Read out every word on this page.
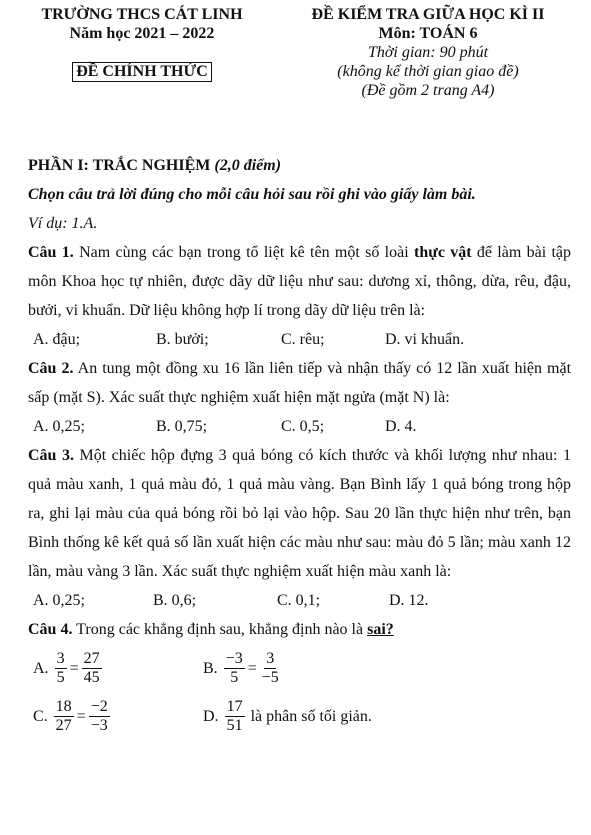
TRƯỜNG THCS CÁT LINH
Năm học 2021 – 2022
ĐỀ CHÍNH THỨC
ĐỀ KIỂM TRA GIỮA HỌC KÌ II
Môn: TOÁN 6
Thời gian: 90 phút
(không kể thời gian giao đề)
(Đề gồm 2 trang A4)
PHẦN I: TRẮC NGHIỆM (2,0 điểm)
Chọn câu trả lời đúng cho mỗi câu hỏi sau rồi ghi vào giấy làm bài.
Ví dụ: 1.A.
Câu 1. Nam cùng các bạn trong tổ liệt kê tên một số loài thực vật để làm bài tập môn Khoa học tự nhiên, được dãy dữ liệu như sau: dương xỉ, thông, dừa, rêu, đậu, bưởi, vi khuẩn. Dữ liệu không hợp lí trong dãy dữ liệu trên là:
A. đậu;	B. bưởi;	C. rêu;	D. vi khuẩn.
Câu 2. An tung một đồng xu 16 lần liên tiếp và nhận thấy có 12 lần xuất hiện mặt sấp (mặt S). Xác suất thực nghiệm xuất hiện mặt ngửa (mặt N) là:
A. 0,25;	B. 0,75;	C. 0,5;	D. 4.
Câu 3. Một chiếc hộp đựng 3 quả bóng có kích thước và khối lượng như nhau: 1 quả màu xanh, 1 quả màu đỏ, 1 quả màu vàng. Bạn Bình lấy 1 quả bóng trong hộp ra, ghi lại màu của quả bóng rồi bỏ lại vào hộp. Sau 20 lần thực hiện như trên, bạn Bình thống kê kết quả số lần xuất hiện các màu như sau: màu đỏ 5 lần; màu xanh 12 lần, màu vàng 3 lần. Xác suất thực nghiệm xuất hiện màu xanh là:
A. 0,25;	B. 0,6;	C. 0,1;	D. 12.
Câu 4. Trong các khẳng định sau, khẳng định nào là sai?
A. $\frac{3}{5} = \frac{27}{45}$	B. $\frac{-3}{5} = \frac{3}{-5}$
C. $\frac{18}{27} = \frac{-2}{-3}$	D. $\frac{17}{51}$ là phân số tối giản.
